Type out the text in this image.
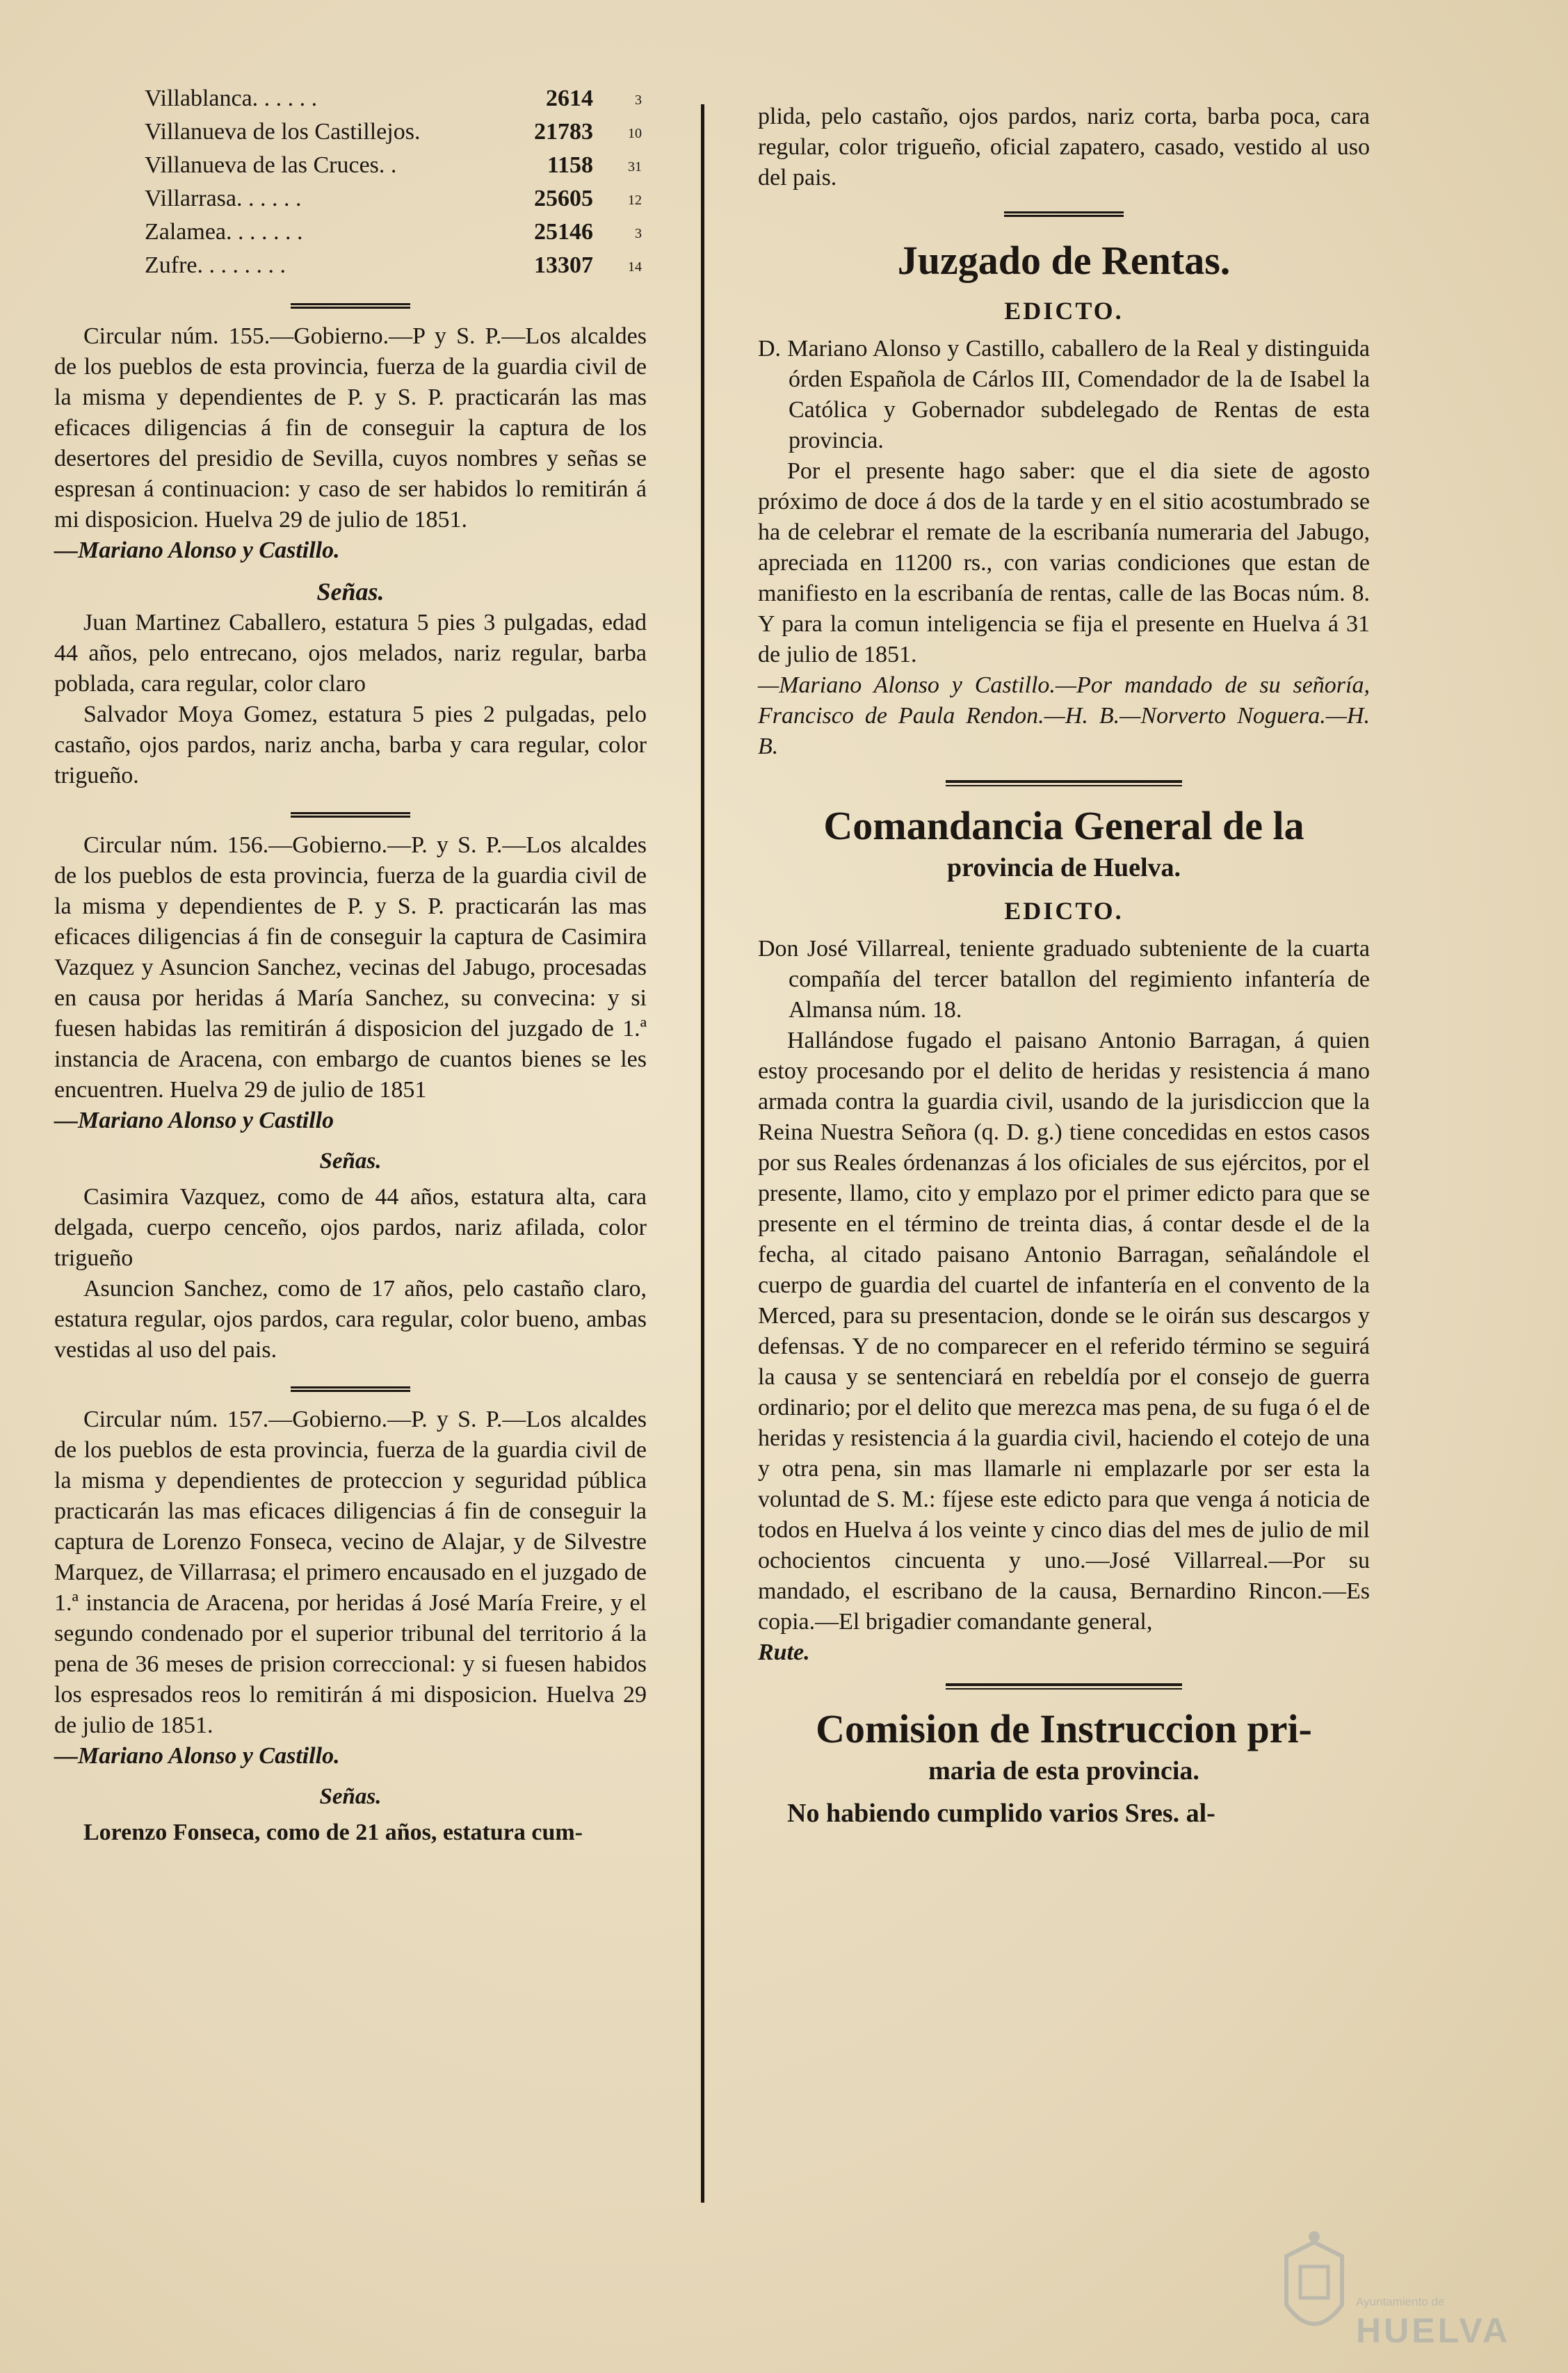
Villablanca. . . . . .	2614	3
Villanueva de los Castillejos.	21783	10
Villanueva de las Cruces. .	1158	31
Villarrasa. . . . . .	25605	12
Zalamea. . . . . . .	25146	3
Zufre. . . . . . . .	13307	14

Circular núm. 155.—Gobierno.—P y S. P.—Los alcaldes de los pueblos de esta provincia, fuerza de la guardia civil de la misma y dependientes de P. y S. P. practicarán las mas eficaces diligencias á fin de conseguir la captura de los desertores del presidio de Sevilla, cuyos nombres y señas se espresan á continuacion: y caso de ser habidos lo remitirán á mi disposicion. Huelva 29 de julio de 1851.

—Mariano Alonso y Castillo.

Señas.

Juan Martinez Caballero, estatura 5 pies 3 pulgadas, edad 44 años, pelo entrecano, ojos melados, nariz regular, barba poblada, cara regular, color claro

Salvador Moya Gomez, estatura 5 pies 2 pulgadas, pelo castaño, ojos pardos, nariz ancha, barba y cara regular, color trigueño.

Circular núm. 156.—Gobierno.—P. y S. P.—Los alcaldes de los pueblos de esta provincia, fuerza de la guardia civil de la misma y dependientes de P. y S. P. practicarán las mas eficaces diligencias á fin de conseguir la captura de Casimira Vazquez y Asuncion Sanchez, vecinas del Jabugo, procesadas en causa por heridas á María Sanchez, su convecina: y si fuesen habidas las remitirán á disposicion del juzgado de 1.ª instancia de Aracena, con embargo de cuantos bienes se les encuentren. Huelva 29 de julio de 1851

—Mariano Alonso y Castillo

Señas.

Casimira Vazquez, como de 44 años, estatura alta, cara delgada, cuerpo cenceño, ojos pardos, nariz afilada, color trigueño

Asuncion Sanchez, como de 17 años, pelo castaño claro, estatura regular, ojos pardos, cara regular, color bueno, ambas vestidas al uso del pais.

Circular núm. 157.—Gobierno.—P. y S. P.—Los alcaldes de los pueblos de esta provincia, fuerza de la guardia civil de la misma y dependientes de proteccion y seguridad pública practicarán las mas eficaces diligencias á fin de conseguir la captura de Lorenzo Fonseca, vecino de Alajar, y de Silvestre Marquez, de Villarrasa; el primero encausado en el juzgado de 1.ª instancia de Aracena, por heridas á José María Freire, y el segundo condenado por el superior tribunal del territorio á la pena de 36 meses de prision correccional: y si fuesen habidos los espresados reos lo remitirán á mi disposicion. Huelva 29 de julio de 1851.

—Mariano Alonso y Castillo.

Señas.

Lorenzo Fonseca, como de 21 años, estatura cum-

plida, pelo castaño, ojos pardos, nariz corta, barba poca, cara regular, color trigueño, oficial zapatero, casado, vestido al uso del pais.

Juzgado de Rentas.

EDICTO.

D. Mariano Alonso y Castillo, caballero de la Real y distinguida órden Española de Cárlos III, Comendador de la de Isabel la Católica y Gobernador subdelegado de Rentas de esta provincia.

Por el presente hago saber: que el dia siete de agosto próximo de doce á dos de la tarde y en el sitio acostumbrado se ha de celebrar el remate de la escribanía numeraria del Jabugo, apreciada en 11200 rs., con varias condiciones que estan de manifiesto en la escribanía de rentas, calle de las Bocas núm. 8. Y para la comun inteligencia se fija el presente en Huelva á 31 de julio de 1851.

—Mariano Alonso y Castillo.—Por mandado de su señoría, Francisco de Paula Rendon.—H. B.—Norverto Noguera.—H. B.

Comandancia General de la

provincia de Huelva.

EDICTO.

Don José Villarreal, teniente graduado subteniente de la cuarta compañía del tercer batallon del regimiento infantería de Almansa núm. 18.

Hallándose fugado el paisano Antonio Barragan, á quien estoy procesando por el delito de heridas y resistencia á mano armada contra la guardia civil, usando de la jurisdiccion que la Reina Nuestra Señora (q. D. g.) tiene concedidas en estos casos por sus Reales órdenanzas á los oficiales de sus ejércitos, por el presente, llamo, cito y emplazo por el primer edicto para que se presente en el término de treinta dias, á contar desde el de la fecha, al citado paisano Antonio Barragan, señalándole el cuerpo de guardia del cuartel de infantería en el convento de la Merced, para su presentacion, donde se le oirán sus descargos y defensas. Y de no comparecer en el referido término se seguirá la causa y se sentenciará en rebeldía por el consejo de guerra ordinario; por el delito que merezca mas pena, de su fuga ó el de heridas y resistencia á la guardia civil, haciendo el cotejo de una y otra pena, sin mas llamarle ni emplazarle por ser esta la voluntad de S. M.: fíjese este edicto para que venga á noticia de todos en Huelva á los veinte y cinco dias del mes de julio de mil ochocientos cincuenta y uno.—José Villarreal.—Por su mandado, el escribano de la causa, Bernardino Rincon.—Es copia.—El brigadier comandante general,

Rute.

Comision de Instruccion pri-

maria de esta provincia.

No habiendo cumplido varios Sres. al-

Ayuntamiento de
HUELVA
